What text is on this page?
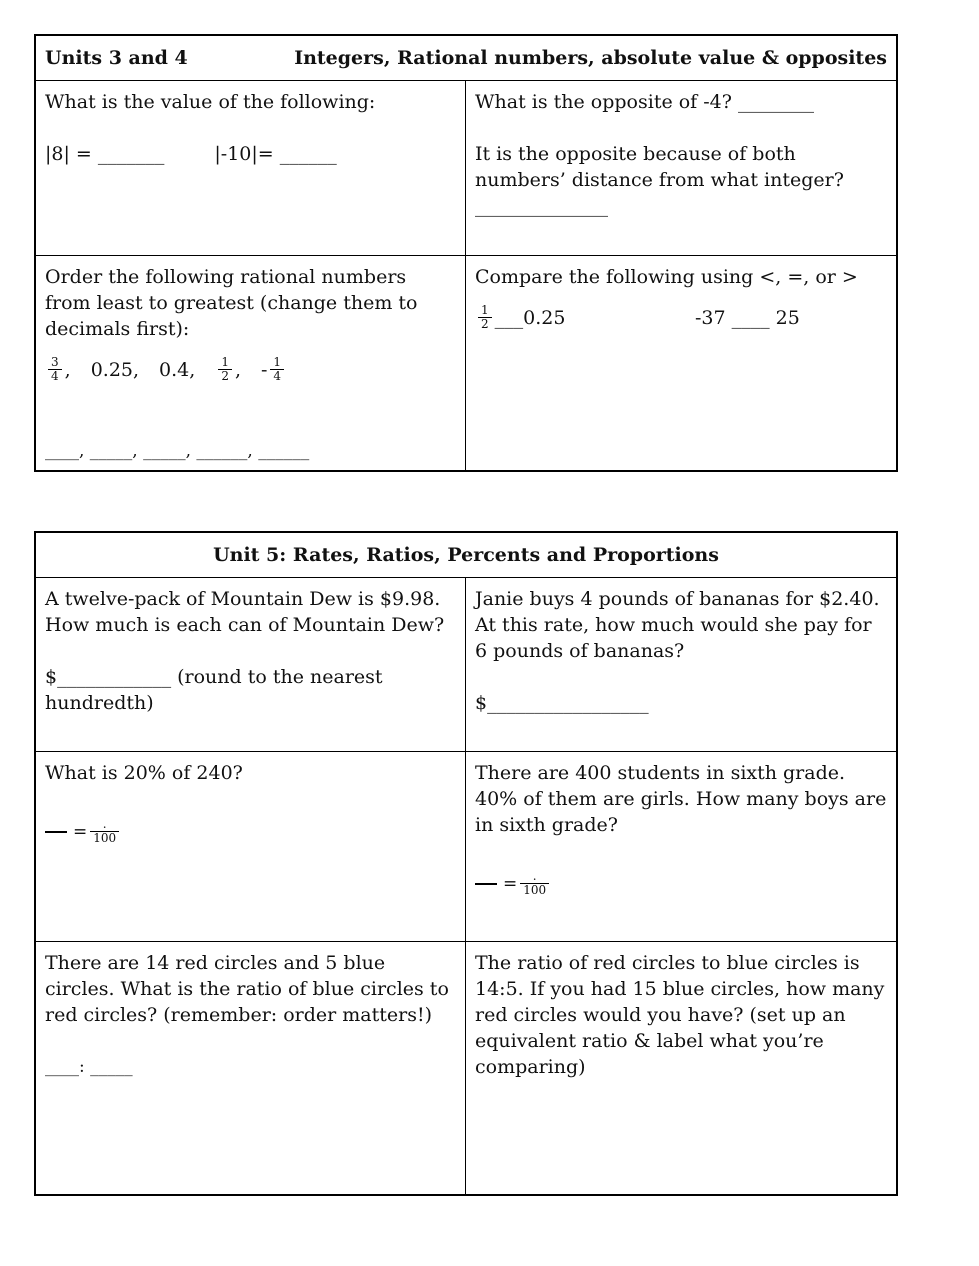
Units 3 and 4	Integers, Rational numbers, absolute value & opposites
What is the value of the following:
|8| = _______	|-10|= ______
What is the opposite of -4? ________
It is the opposite because of both numbers’ distance from what integer? ______________
Order the following rational numbers from least to greatest (change them to decimals first):
$\frac{3}{4}$ , 0.25, 0.4, $\frac{1}{2}$ , - $\frac{1}{4}$
____, _____, _____, ______, ______
Compare the following using <, =, or >
$\frac{1}{2}$ ___0.25	-37 ____ 25
Unit 5: Rates, Ratios, Percents and Proportions
A twelve-pack of Mountain Dew is $9.98. How much is each can of Mountain Dew?
$____________ (round to the nearest hundredth)
Janie buys 4 pounds of bananas for $2.40. At this rate, how much would she pay for 6 pounds of bananas?
$_________________
What is 20% of 240?
= $\frac{.}{100}$
There are 400 students in sixth grade. 40% of them are girls. How many boys are in sixth grade?
= $\frac{.}{100}$
There are 14 red circles and 5 blue circles. What is the ratio of blue circles to red circles? (remember: order matters!)
____: _____
The ratio of red circles to blue circles is 14:5. If you had 15 blue circles, how many red circles would you have? (set up an equivalent ratio & label what you’re comparing)
